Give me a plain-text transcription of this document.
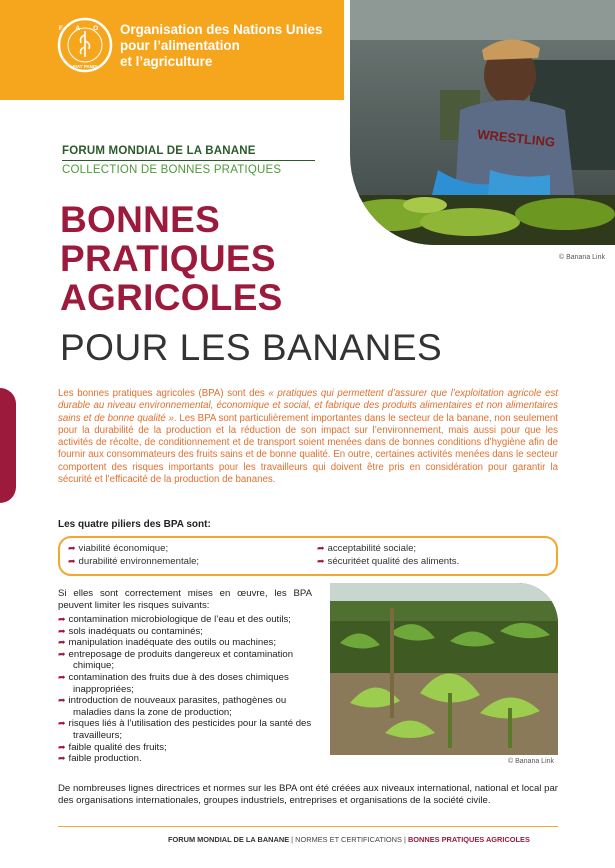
FAO
FIAT PANIS
Organisation des Nations Unies
pour l’alimentation
et l’agriculture
WRESTLING
© Banana Link
FORUM MONDIAL DE LA BANANE
COLLECTION DE BONNES PRATIQUES
BONNES
PRATIQUES
AGRICOLES
POUR LES BANANES

Les bonnes pratiques agricoles (BPA) sont des « pratiques qui permettent d’assurer que l’exploitation agricole est durable au niveau environnemental, économique et social, et fabrique des produits alimentaires et non alimentaires sains et de bonne qualité ». Les BPA sont particulièrement importantes dans le secteur de la banane, non seulement pour la durabilité de la production et la réduction de son impact sur l’environnement, mais aussi pour que les activités de récolte, de conditionnement et de transport soient menées dans de bonnes conditions d’hygiène afin de fournir aux consommateurs des fruits sains et de bonne qualité. En outre, certaines activités menées dans le secteur comportent des risques importants pour les travailleurs qui doivent être pris en considération pour garantir la sécurité et l’efficacité de la production de bananes.

Les quatre piliers des BPA sont:
➦ viabilité économique;
➦ durabilité environnementale;
➦ acceptabilité sociale;
➦ sécuritéet qualité des aliments.

Si elles sont correctement mises en œuvre, les BPA peuvent limiter les risques suivants:

➦ contamination microbiologique de l’eau et des outils;
➦ sols inadéquats ou contaminés;
➦ manipulation inadéquate des outils ou machines;
➦ entreposage de produits dangereux et contamination chimique;
➦ contamination des fruits due à des doses chimiques inappropriées;
➦ introduction de nouveaux parasites, pathogènes ou maladies dans la zone de production;
➦ risques liés à l’utilisation des pesticides pour la santé des travailleurs;
➦ faible qualité des fruits;
➦ faible production.	© Banana Link

De nombreuses lignes directrices et normes sur les BPA ont été créées aux niveaux international, national et local par des organisations internationales, groupes industriels, entreprises et organisations de la société civile.

FORUM MONDIAL DE LA BANANE | NORMES ET CERTIFICATIONS | BONNES PRATIQUES AGRICOLES
